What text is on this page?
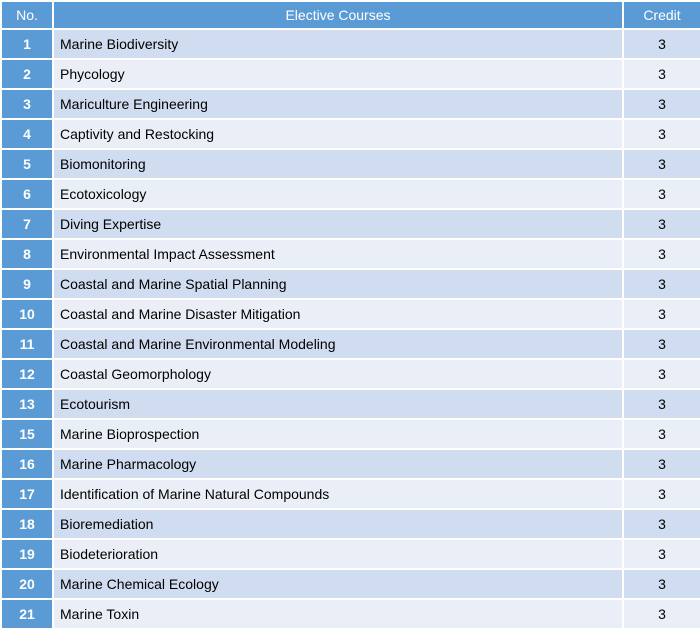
No.	Elective Courses	Credit
1	Marine Biodiversity	3
2	Phycology	3
3	Mariculture Engineering	3
4	Captivity and Restocking	3
5	Biomonitoring	3
6	Ecotoxicology	3
7	Diving Expertise	3
8	Environmental Impact Assessment	3
9	Coastal and Marine Spatial Planning	3
10	Coastal and Marine Disaster Mitigation	3
11	Coastal and Marine Environmental Modeling	3
12	Coastal Geomorphology	3
13	Ecotourism	3
15	Marine Bioprospection	3
16	Marine Pharmacology	3
17	Identification of Marine Natural Compounds	3
18	Bioremediation	3
19	Biodeterioration	3
20	Marine Chemical Ecology	3
21	Marine Toxin	3
